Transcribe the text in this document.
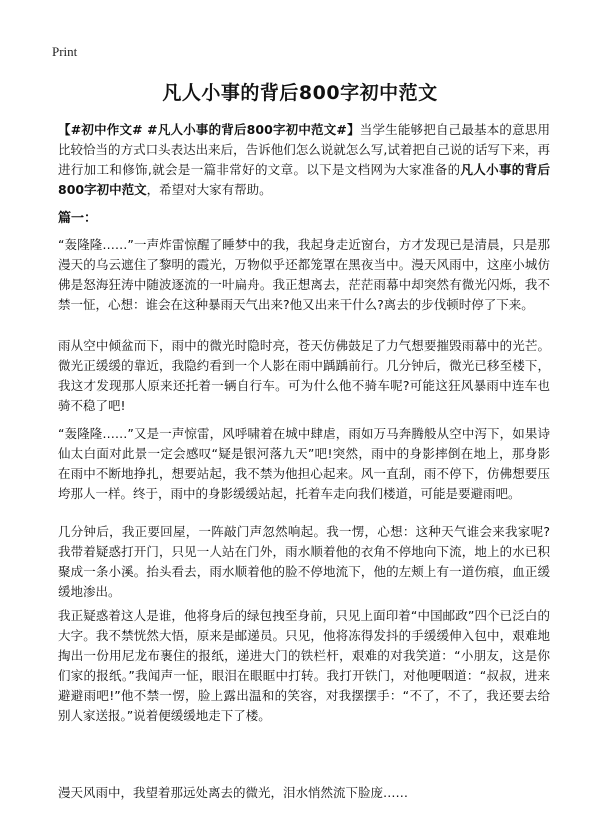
Print
凡人小事的背后800字初中范文
【#初中作文# #凡人小事的背后800字初中范文#】当学生能够把自己最基本的意思用比较恰当的方式口头表达出来后，告诉他们怎么说就怎么写,试着把自己说的话写下来，再进行加工和修饰,就会是一篇非常好的文章。以下是文档网为大家准备的凡人小事的背后800字初中范文，希望对大家有帮助。
篇一：

“轰隆隆……”一声炸雷惊醒了睡梦中的我，我起身走近窗台，方才发现已是清晨，只是那漫天的乌云遮住了黎明的霞光，万物似乎还都笼罩在黑夜当中。漫天风雨中，这座小城仿佛是怒海狂涛中随波逐流的一叶扁舟。我正想离去，茫茫雨幕中却突然有微光闪烁，我不禁一怔，心想：谁会在这种暴雨天气出来?他又出来干什么?离去的步伐顿时停了下来。

雨从空中倾盆而下，雨中的微光时隐时亮，苍天仿佛鼓足了力气想要摧毁雨幕中的光芒。微光正缓缓的靠近，我隐约看到一个人影在雨中踽踽前行。几分钟后，微光已移至楼下，我这才发现那人原来还托着一辆自行车。可为什么他不骑车呢?可能这狂风暴雨中连车也骑不稳了吧!

“轰隆隆……”又是一声惊雷，风呼啸着在城中肆虐，雨如万马奔腾般从空中泻下，如果诗仙太白面对此景一定会感叹“疑是银河落九天”吧!突然，雨中的身影摔倒在地上，那身影在雨中不断地挣扎，想要站起，我不禁为他担心起来。风一直刮，雨不停下，仿佛想要压垮那人一样。终于，雨中的身影缓缓站起，托着车走向我们楼道，可能是要避雨吧。

几分钟后，我正要回屋，一阵敲门声忽然响起。我一愣，心想：这种天气谁会来我家呢?我带着疑惑打开门，只见一人站在门外，雨水顺着他的衣角不停地向下流，地上的水已积聚成一条小溪。抬头看去，雨水顺着他的脸不停地流下，他的左颊上有一道伤痕，血正缓缓地渗出。

我正疑惑着这人是谁，他将身后的绿包拽至身前，只见上面印着“中国邮政”四个已泛白的大字。我不禁恍然大悟，原来是邮递员。只见，他将冻得发抖的手缓缓伸入包中，艰难地掏出一份用尼龙布裹住的报纸，递进大门的铁栏杆，艰难的对我笑道：“小朋友，这是你们家的报纸。”我闻声一怔，眼泪在眼眶中打转。我打开铁门，对他哽咽道：“叔叔，进来避避雨吧!”他不禁一愣，脸上露出温和的笑容，对我摆摆手：“不了，不了，我还要去给别人家送报。”说着便缓缓地走下了楼。

漫天风雨中，我望着那远处离去的微光，泪水悄然流下脸庞……
